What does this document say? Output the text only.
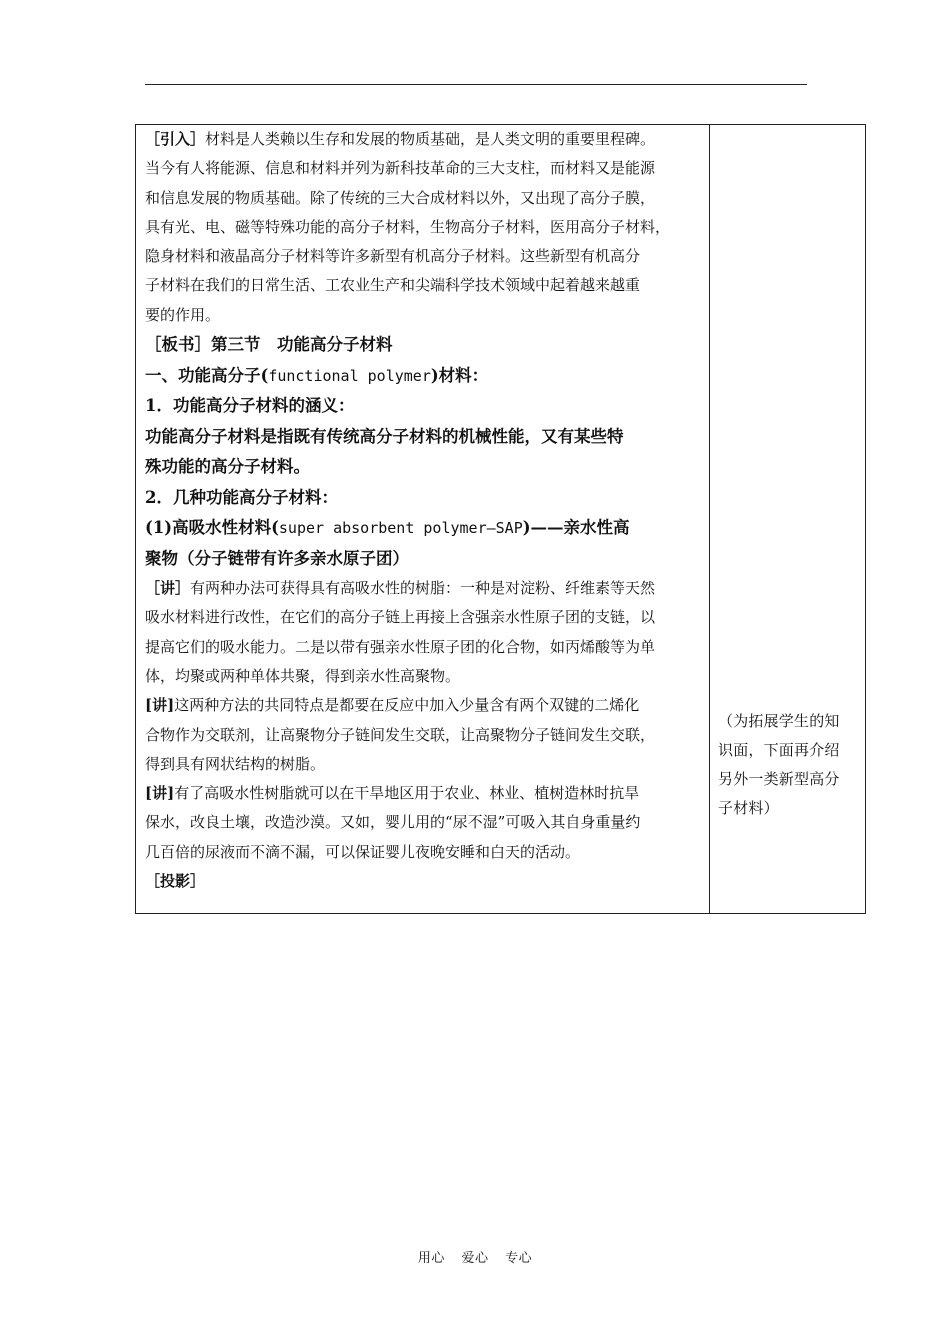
［引入］材料是人类赖以生存和发展的物质基础，是人类文明的重要里程碑。
当今有人将能源、信息和材料并列为新科技革命的三大支柱，而材料又是能源
和信息发展的物质基础。除了传统的三大合成材料以外，又出现了高分子膜，
具有光、电、磁等特殊功能的高分子材料，生物高分子材料，医用高分子材料，
隐身材料和液晶高分子材料等许多新型有机高分子材料。这些新型有机高分
子材料在我们的日常生活、工农业生产和尖端科学技术领域中起着越来越重
要的作用。
［板书］第三节　功能高分子材料
一、功能高分子(functional polymer)材料：
1．功能高分子材料的涵义：
功能高分子材料是指既有传统高分子材料的机械性能，又有某些特
殊功能的高分子材料。
2．几种功能高分子材料：
(1)高吸水性材料(super absorbent polymer—SAP)——亲水性高
聚物（分子链带有许多亲水原子团）
［讲］有两种办法可获得具有高吸水性的树脂：一种是对淀粉、纤维素等天然
吸水材料进行改性，在它们的高分子链上再接上含强亲水性原子团的支链，以
提高它们的吸水能力。二是以带有强亲水性原子团的化合物，如丙烯酸等为单
体，均聚或两种单体共聚，得到亲水性高聚物。
[讲]这两种方法的共同特点是都要在反应中加入少量含有两个双键的二烯化
合物作为交联剂，让高聚物分子链间发生交联，让高聚物分子链间发生交联，
得到具有网状结构的树脂。
[讲]有了高吸水性树脂就可以在干旱地区用于农业、林业、植树造林时抗旱
保水，改良土壤，改造沙漠。又如，婴儿用的“尿不湿”可吸入其自身重量约
几百倍的尿液而不滴不漏，可以保证婴儿夜晚安睡和白天的活动。
［投影］
（为拓展学生的知
识面，下面再介绍
另外一类新型高分
子材料）
用心 爱心 专心
